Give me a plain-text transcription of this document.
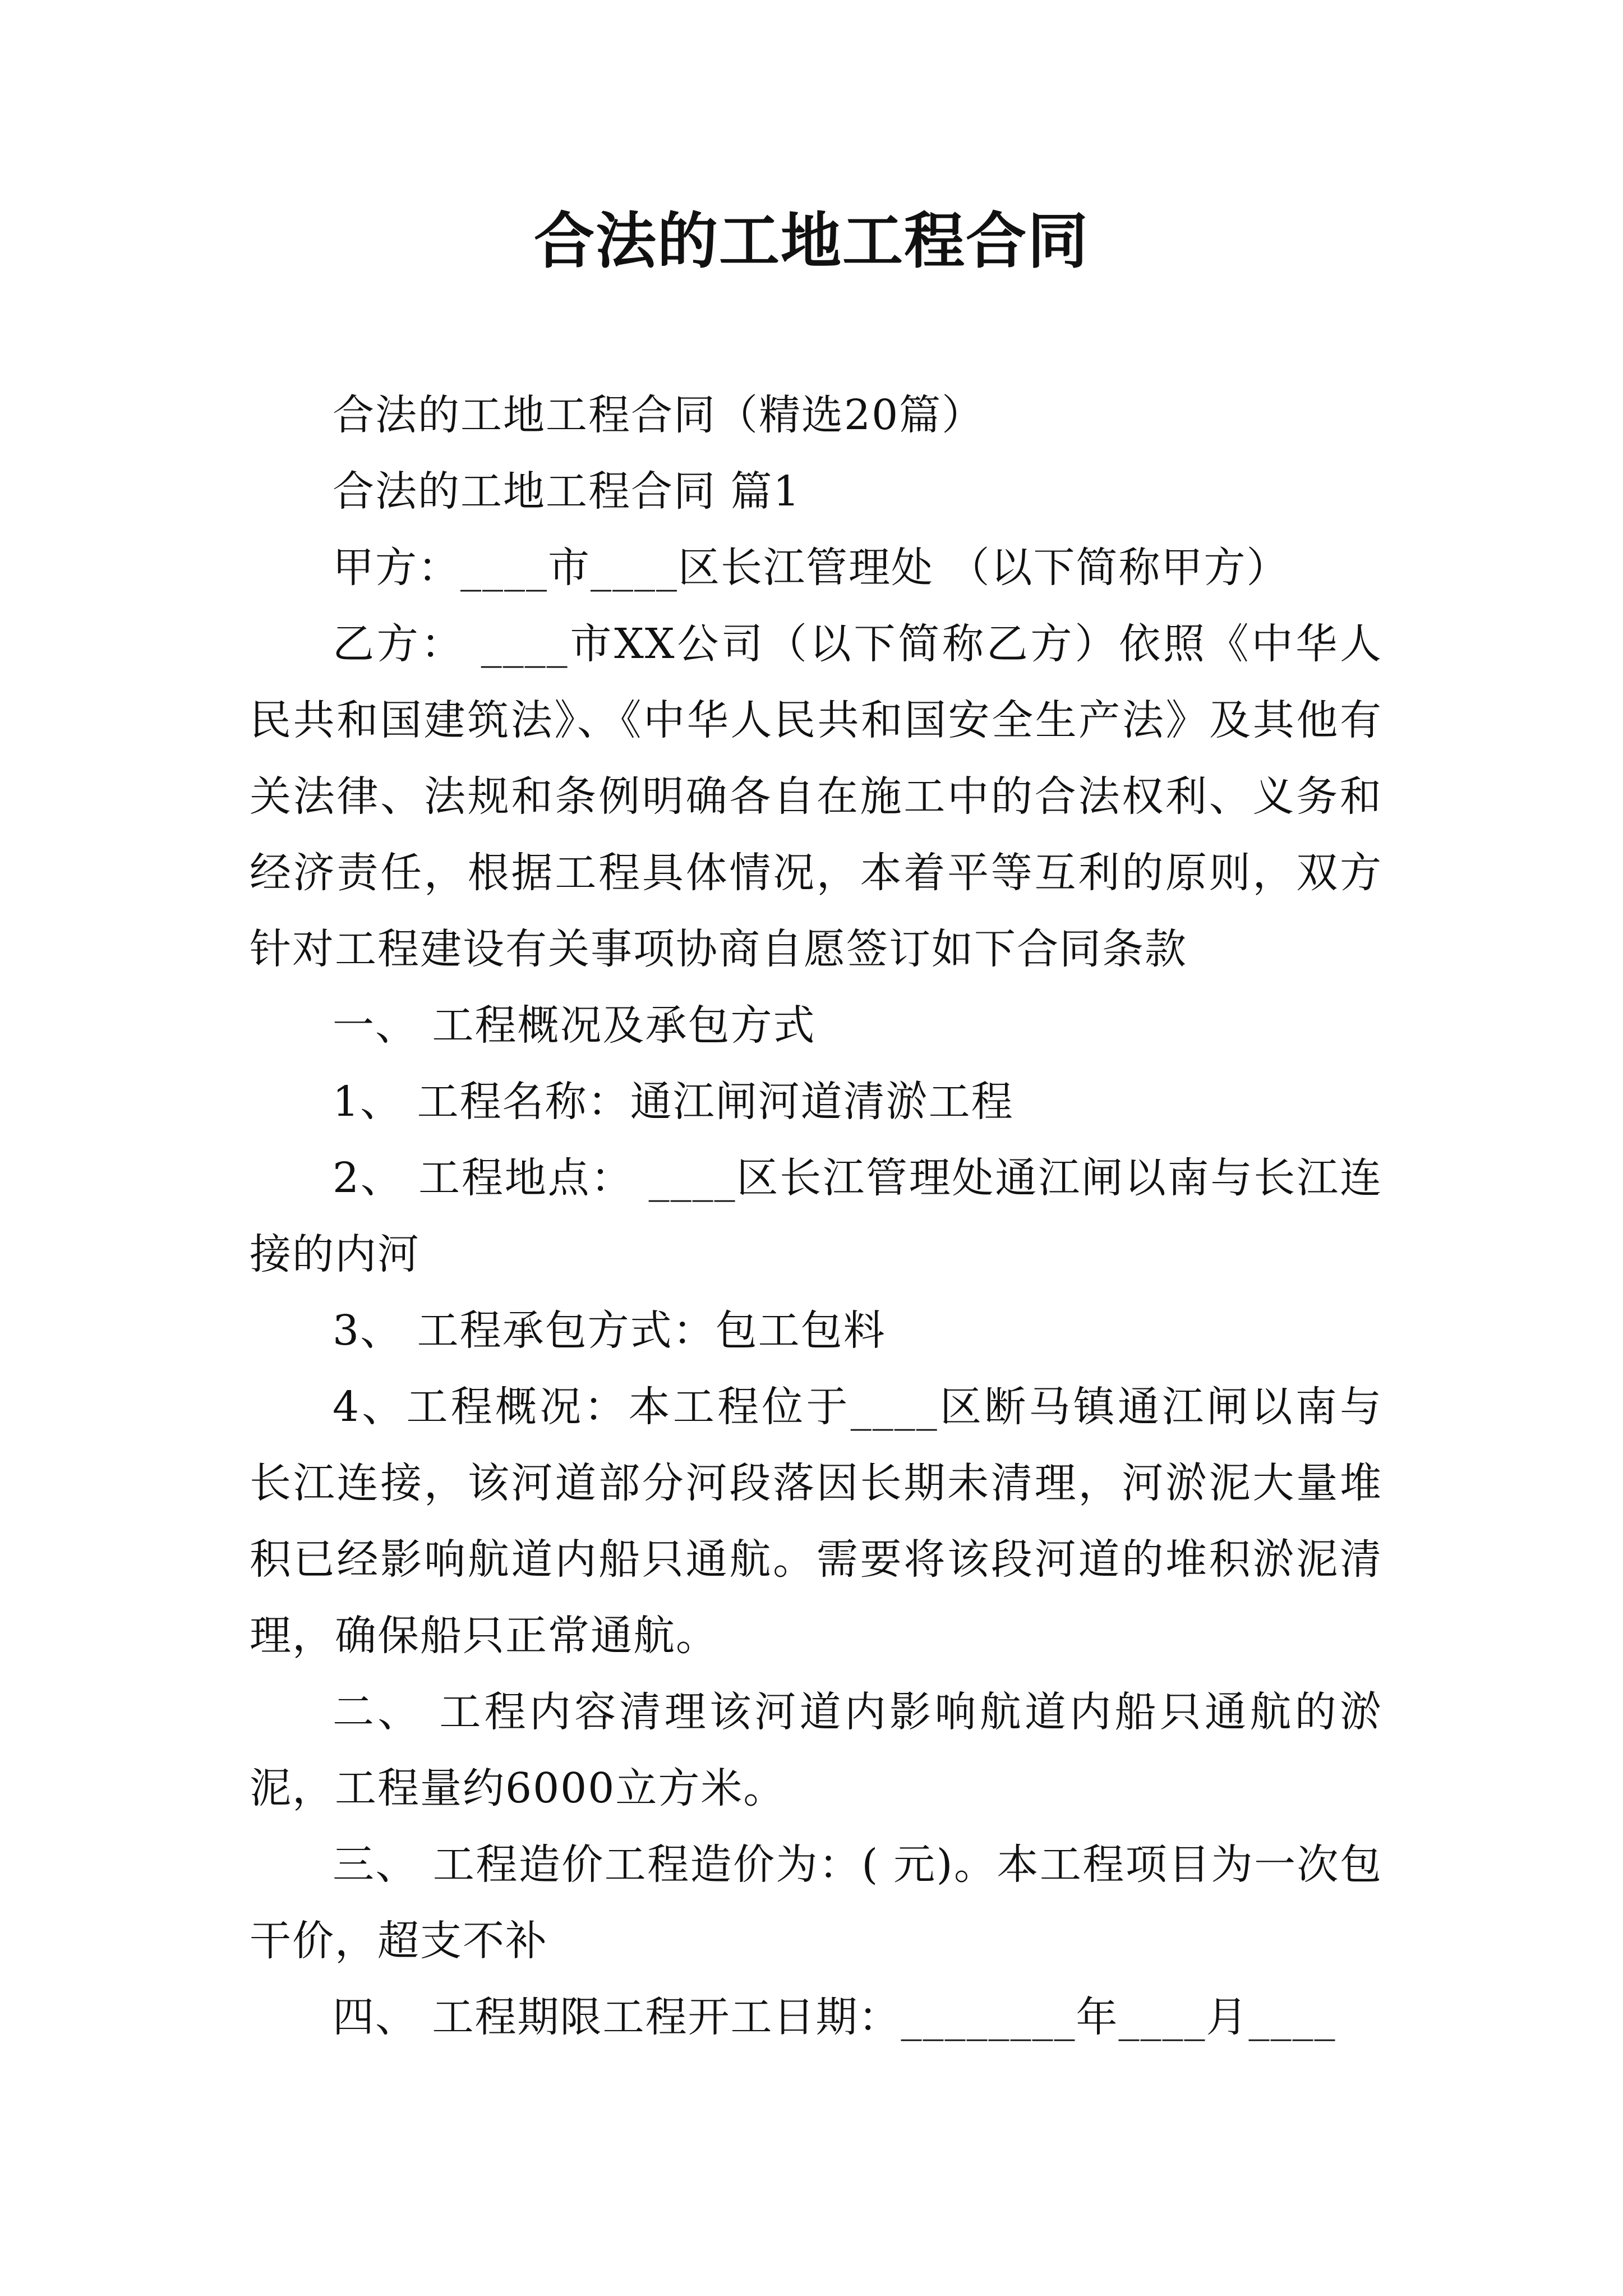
合法的工地工程合同

合法的工地工程合同（精选20篇）

合法的工地工程合同 篇1

甲方：____市____区长江管理处 （以下简称甲方）

乙方： ____市XX公司（以下简称乙方）依照《中华人民共和国建筑法》、《中华人民共和国安全生产法》及其他有关法律、法规和条例明确各自在施工中的合法权利、义务和经济责任，根据工程具体情况，本着平等互利的原则，双方针对工程建设有关事项协商自愿签订如下合同条款

一、 工程概况及承包方式

1、 工程名称：通江闸河道清淤工程

2、 工程地点： ____区长江管理处通江闸以南与长江连接的内河

3、 工程承包方式：包工包料

4、工程概况：本工程位于____区断马镇通江闸以南与长江连接，该河道部分河段落因长期未清理，河淤泥大量堆积已经影响航道内船只通航。需要将该段河道的堆积淤泥清理，确保船只正常通航。

二、 工程内容清理该河道内影响航道内船只通航的淤泥，工程量约6000立方米。

三、 工程造价工程造价为：( 元)。本工程项目为一次包干价，超支不补

四、 工程期限工程开工日期：________年____月____
